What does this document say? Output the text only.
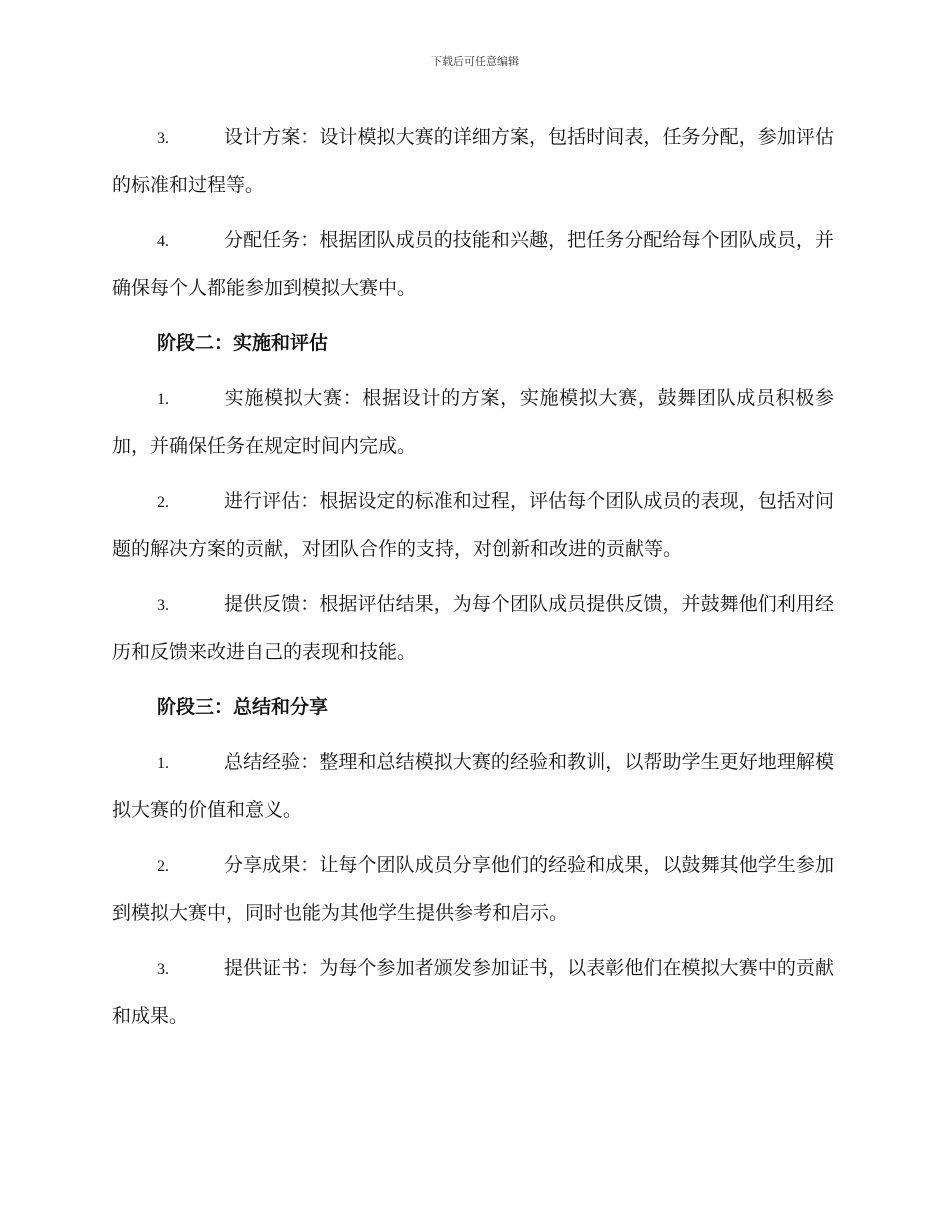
下载后可任意编辑
3.	设计方案：设计模拟大赛的详细方案，包括时间表，任务分配，参加评估的标准和过程等。
4.	分配任务：根据团队成员的技能和兴趣，把任务分配给每个团队成员，并确保每个人都能参加到模拟大赛中。
阶段二：实施和评估
1.	实施模拟大赛：根据设计的方案，实施模拟大赛，鼓舞团队成员积极参加，并确保任务在规定时间内完成。
2.	进行评估：根据设定的标准和过程，评估每个团队成员的表现，包括对问题的解决方案的贡献，对团队合作的支持，对创新和改进的贡献等。
3.	提供反馈：根据评估结果，为每个团队成员提供反馈，并鼓舞他们利用经历和反馈来改进自己的表现和技能。
阶段三：总结和分享
1.	总结经验：整理和总结模拟大赛的经验和教训，以帮助学生更好地理解模拟大赛的价值和意义。
2.	分享成果：让每个团队成员分享他们的经验和成果，以鼓舞其他学生参加到模拟大赛中，同时也能为其他学生提供参考和启示。
3.	提供证书：为每个参加者颁发参加证书，以表彰他们在模拟大赛中的贡献和成果。
